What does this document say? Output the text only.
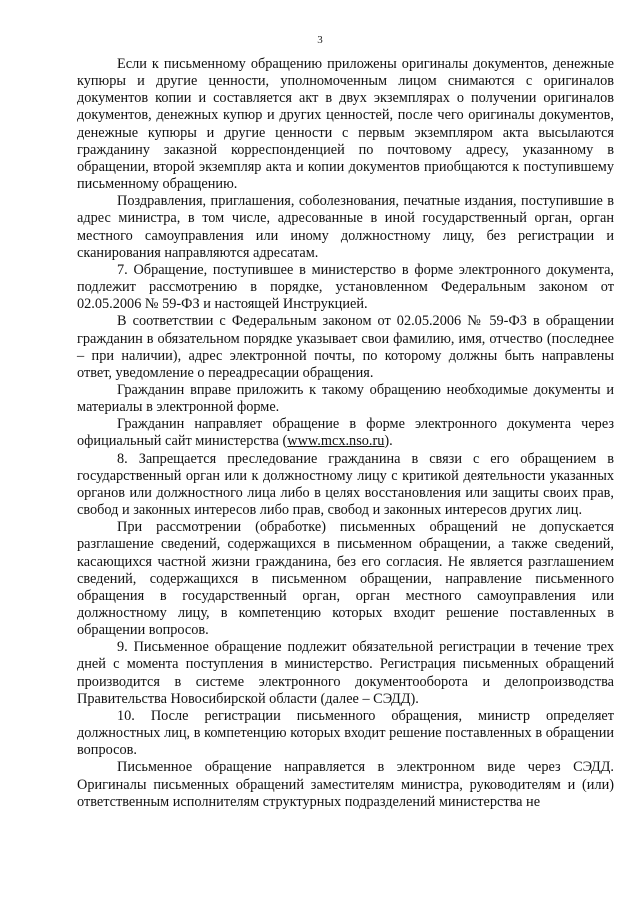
3

Если к письменному обращению приложены оригиналы документов, денежные купюры и другие ценности, уполномоченным лицом снимаются с оригиналов документов копии и составляется акт в двух экземплярах о получении оригиналов документов, денежных купюр и других ценностей, после чего оригиналы документов, денежные купюры и другие ценности с первым экземпляром акта высылаются гражданину заказной корреспонденцией по почтовому адресу, указанному в обращении, второй экземпляр акта и копии документов приобщаются к поступившему письменному обращению.

Поздравления, приглашения, соболезнования, печатные издания, поступившие в адрес министра, в том числе, адресованные в иной государственный орган, орган местного самоуправления или иному должностному лицу, без регистрации и сканирования направляются адресатам.

7. Обращение, поступившее в министерство в форме электронного документа, подлежит рассмотрению в порядке, установленном Федеральным законом от 02.05.2006 № 59-ФЗ и настоящей Инструкцией.

В соответствии с Федеральным законом от 02.05.2006 № 59-ФЗ в обращении гражданин в обязательном порядке указывает свои фамилию, имя, отчество (последнее – при наличии), адрес электронной почты, по которому должны быть направлены ответ, уведомление о переадресации обращения.

Гражданин вправе приложить к такому обращению необходимые документы и материалы в электронной форме.

Гражданин направляет обращение в форме электронного документа через официальный сайт министерства (www.mcx.nso.ru).

8. Запрещается преследование гражданина в связи с его обращением в государственный орган или к должностному лицу с критикой деятельности указанных органов или должностного лица либо в целях восстановления или защиты своих прав, свобод и законных интересов либо прав, свобод и законных интересов других лиц.

При рассмотрении (обработке) письменных обращений не допускается разглашение сведений, содержащихся в письменном обращении, а также сведений, касающихся частной жизни гражданина, без его согласия. Не является разглашением сведений, содержащихся в письменном обращении, направление письменного обращения в государственный орган, орган местного самоуправления или должностному лицу, в компетенцию которых входит решение поставленных в обращении вопросов.

9. Письменное обращение подлежит обязательной регистрации в течение трех дней с момента поступления в министерство. Регистрация письменных обращений производится в системе электронного документооборота и делопроизводства Правительства Новосибирской области (далее – СЭДД).

10. После регистрации письменного обращения, министр определяет должностных лиц, в компетенцию которых входит решение поставленных в обращении вопросов.

Письменное обращение направляется в электронном виде через СЭДД. Оригиналы письменных обращений заместителям министра, руководителям и (или) ответственным исполнителям структурных подразделений министерства не
